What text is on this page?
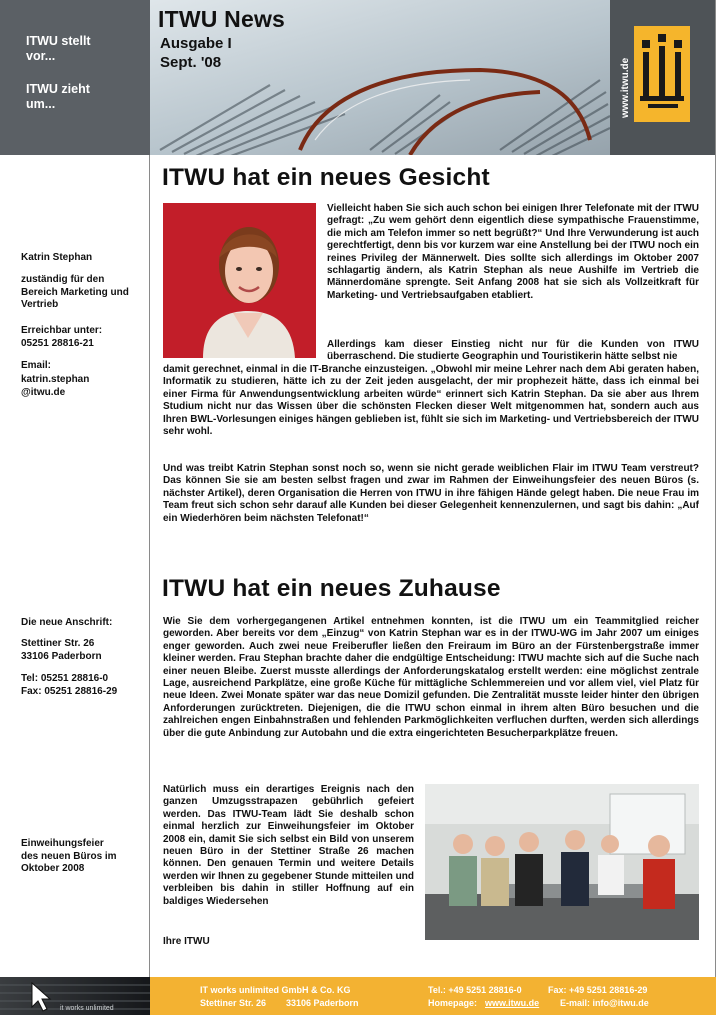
ITWU stellt vor...
ITWU zieht um...	www.itwu.de
ITWU News
Ausgabe I
Sept. '08
Katrin Stephan
zuständig für den Bereich Marketing und Vertrieb
Erreichbar unter:
05251 28816-21
Email:
katrin.stephan
@itwu.de
Die neue Anschrift:
Stettiner Str. 26
33106 Paderborn
Tel: 05251 28816-0
Fax: 05251 28816-29
Einweihungsfeier des neuen Büros im Oktober 2008
ITWU hat ein neues Gesicht
Vielleicht haben Sie sich auch schon bei einigen Ihrer Telefonate mit der ITWU gefragt: „Zu wem gehört denn eigentlich diese sympathische Frauenstimme, die mich am Telefon immer so nett begrüßt?“ Und Ihre Verwunderung ist auch gerechtfertigt, denn bis vor kurzem war eine Anstellung bei der ITWU noch ein reines Privileg der Männerwelt. Dies sollte sich allerdings im Oktober 2007 schlagartig ändern, als Katrin Stephan als neue Aushilfe im Vertrieb die Männerdomäne sprengte. Seit Anfang 2008 hat sie sich als Vollzeitkraft für Marketing- und Vertriebsaufgaben etabliert.
Allerdings kam dieser Einstieg nicht nur für die Kunden von ITWU überraschend. Die studierte Geographin und Touristikerin hätte selbst nie
damit gerechnet, einmal in die IT-Branche einzusteigen. „Obwohl mir meine Lehrer nach dem Abi geraten haben, Informatik zu studieren, hätte ich zu der Zeit jeden ausgelacht, der mir prophezeit hätte, dass ich einmal bei einer Firma für Anwendungsentwicklung arbeiten würde“ erinnert sich Katrin Stephan. Da sie aber aus Ihrem Studium nicht nur das Wissen über die schönsten Flecken dieser Welt mitgenommen hat, sondern auch aus Ihren BWL-Vorlesungen einiges hängen geblieben ist, fühlt sie sich im Marketing- und Vertriebsbereich der ITWU sehr wohl.
Und was treibt Katrin Stephan sonst noch so, wenn sie nicht gerade weiblichen Flair im ITWU Team verstreut? Das können Sie sie am besten selbst fragen und zwar im Rahmen der Einweihungsfeier des neuen Büros (s. nächster Artikel), deren Organisation die Herren von ITWU in ihre fähigen Hände gelegt haben. Die neue Frau im Team freut sich schon sehr darauf alle Kunden bei dieser Gelegenheit kennenzulernen, und sagt bis dahin: „Auf ein Wiederhören beim nächsten Telefonat!“
ITWU hat ein neues Zuhause
Wie Sie dem vorhergegangenen Artikel entnehmen konnten, ist die ITWU um ein Teammitglied reicher geworden. Aber bereits vor dem „Einzug“ von Katrin Stephan war es in der ITWU-WG im Jahr 2007 um einiges enger geworden. Auch zwei neue Freiberufler ließen den Freiraum im Büro an der Fürstenbergstraße immer kleiner werden. Frau Stephan brachte daher die endgültige Entscheidung: ITWU machte sich auf die Suche nach einer neuen Bleibe. Zuerst musste allerdings der Anforderungskatalog erstellt werden: eine möglichst zentrale Lage, ausreichend Parkplätze, eine große Küche für mittägliche Schlemmereien und vor allem viel, viel Platz für neue Ideen. Zwei Monate später war das neue Domizil gefunden. Die Zentralität musste leider hinter den übrigen Anforderungen zurücktreten. Diejenigen, die die ITWU schon einmal in ihrem alten Büro besuchen und die zahlreichen engen Einbahnstraßen und fehlenden Parkmöglichkeiten verfluchen durften, werden sich allerdings über die gute Anbindung zur Autobahn und die extra eingerichteten Besucherparkplätze freuen.
Natürlich muss ein derartiges Ereignis nach den ganzen Umzugsstrapazen gebührlich gefeiert werden. Das ITWU-Team lädt Sie deshalb schon einmal herzlich zur Einweihungsfeier im Oktober 2008 ein, damit Sie sich selbst ein Bild von unserem neuen Büro in der Stettiner Straße 26 machen können. Den genauen Termin und weitere Details werden wir Ihnen zu gegebener Stunde mitteilen und verbleiben bis dahin in stiller Hoffnung auf ein baldiges Wiedersehen
Ihre ITWU
it works unlimited
IT works unlimited GmbH & Co. KG
Stettiner Str. 26 33106 Paderborn
Tel.: +49 5251 28816-0	Fax: +49 5251 28816-29
Homepage: www.itwu.de E-mail: info@itwu.de
